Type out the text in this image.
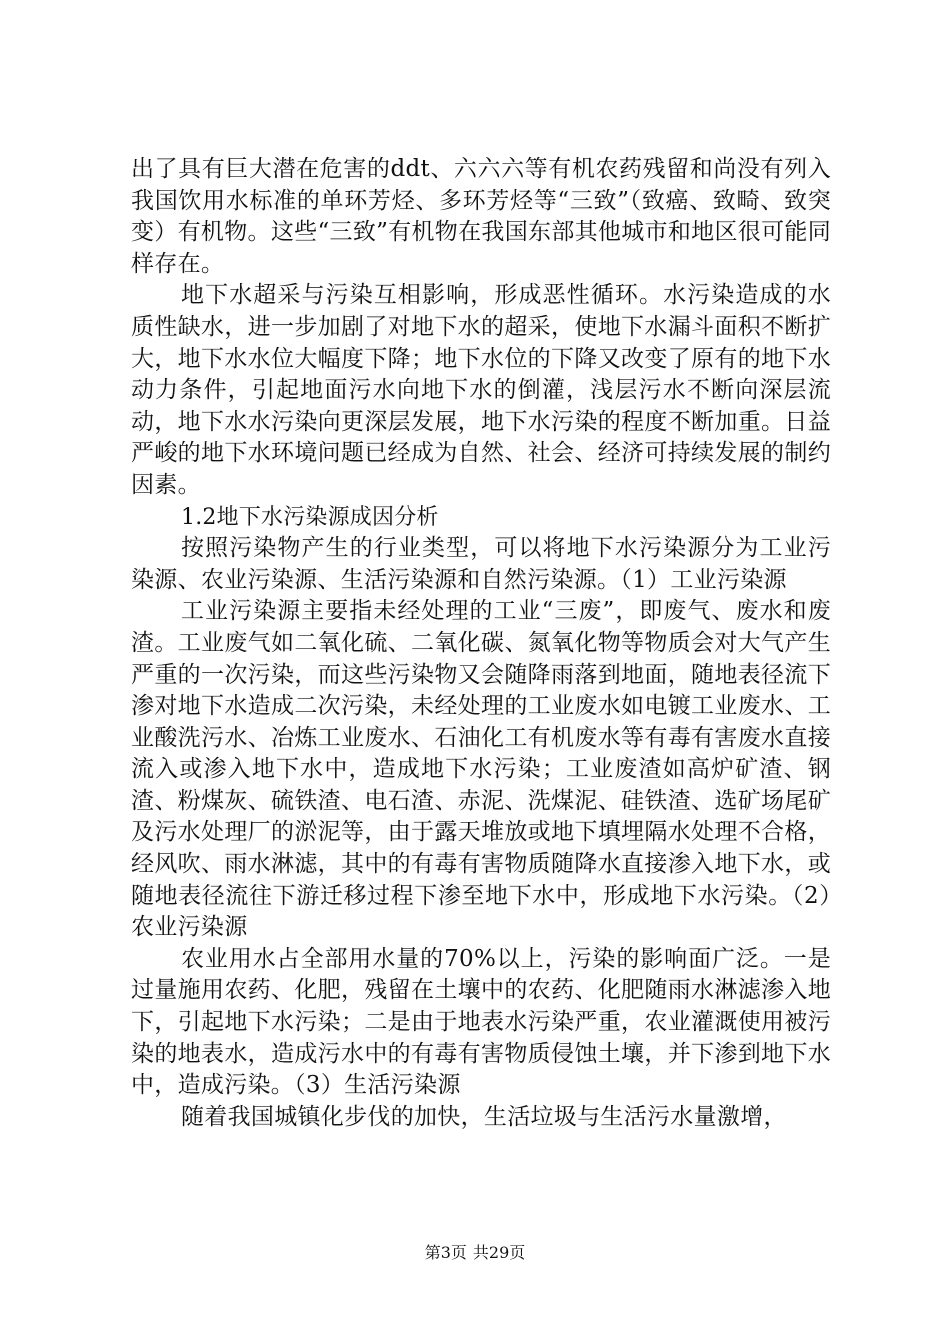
出了具有巨大潜在危害的ddt、六六六等有机农药残留和尚没有列入我国饮用水标准的单环芳烃、多环芳烃等“三致”（致癌、致畸、致突变）有机物。这些“三致”有机物在我国东部其他城市和地区很可能同样存在。

地下水超采与污染互相影响，形成恶性循环。水污染造成的水质性缺水，进一步加剧了对地下水的超采，使地下水漏斗面积不断扩大，地下水水位大幅度下降；地下水位的下降又改变了原有的地下水动力条件，引起地面污水向地下水的倒灌，浅层污水不断向深层流动，地下水水污染向更深层发展，地下水污染的程度不断加重。日益严峻的地下水环境问题已经成为自然、社会、经济可持续发展的制约因素。

1.2地下水污染源成因分析

按照污染物产生的行业类型，可以将地下水污染源分为工业污染源、农业污染源、生活污染源和自然污染源。（1）工业污染源

工业污染源主要指未经处理的工业“三废”，即废气、废水和废渣。工业废气如二氧化硫、二氧化碳、氮氧化物等物质会对大气产生严重的一次污染，而这些污染物又会随降雨落到地面，随地表径流下渗对地下水造成二次污染，未经处理的工业废水如电镀工业废水、工业酸洗污水、冶炼工业废水、石油化工有机废水等有毒有害废水直接流入或渗入地下水中，造成地下水污染；工业废渣如高炉矿渣、钢渣、粉煤灰、硫铁渣、电石渣、赤泥、洗煤泥、硅铁渣、选矿场尾矿及污水处理厂的淤泥等，由于露天堆放或地下填埋隔水处理不合格，经风吹、雨水淋滤，其中的有毒有害物质随降水直接渗入地下水，或随地表径流往下游迁移过程下渗至地下水中，形成地下水污染。（2）农业污染源

农业用水占全部用水量的70%以上，污染的影响面广泛。一是过量施用农药、化肥，残留在土壤中的农药、化肥随雨水淋滤渗入地下，引起地下水污染；二是由于地表水污染严重，农业灌溉使用被污染的地表水，造成污水中的有毒有害物质侵蚀土壤，并下渗到地下水中，造成污染。（3）生活污染源

随着我国城镇化步伐的加快，生活垃圾与生活污水量激增，

第3页 共29页
